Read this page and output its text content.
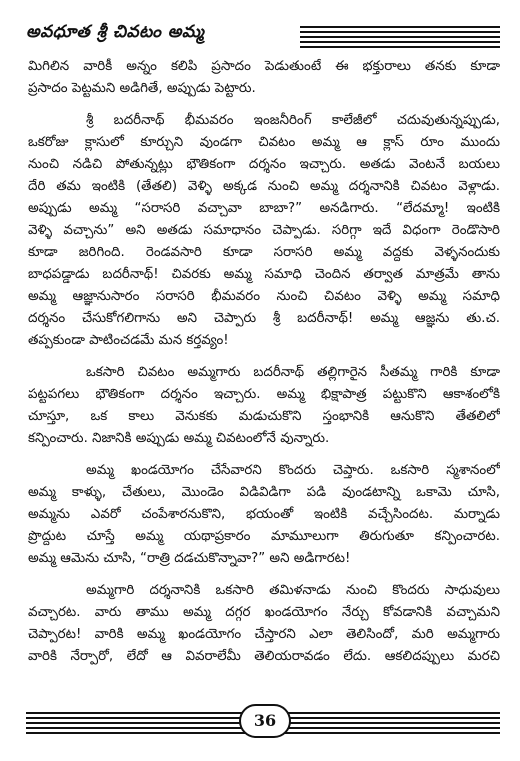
అవధూత శ్రీ చివటం అమ్మ
మిగిలిన వారికీ అన్నం కలిపి ప్రసాదం పెడుతుంటే ఈ భక్తురాలు తనకు కూడా
ప్రసాదం పెట్టమని అడిగితే, అప్పుడు పెట్టారు.
శ్రీ బదరీనాథ్ భీమవరం ఇంజనీరింగ్ కాలేజీలో చదువుతున్నప్పుడు,
ఒకరోజు క్లాసులో కూర్చుని వుండగా చివటం అమ్మ ఆ క్లాస్ రూం ముందు
నుంచి నడిచి పోతున్నట్లు భౌతికంగా దర్శనం ఇచ్చారు. అతడు వెంటనే బయలు
దేరి తమ ఇంటికి (తేతలి) వెళ్ళి అక్కడ నుంచి అమ్మ దర్శనానికి చివటం వెళ్లాడు.
అప్పుడు అమ్మ “సరాసరి వచ్చావా బాబా?” అనడిగారు. “లేదమ్మా! ఇంటికి
వెళ్ళి వచ్చాను” అని అతడు సమాధానం చెప్పాడు. సరిగ్గా ఇదే విధంగా రెండొసారి
కూడా జరిగింది. రెండవసారి కూడా సరాసరి అమ్మ వద్దకు వెళ్ళనందుకు
బాధపడ్డాడు బదరీనాథ్! చివరకు అమ్మ సమాధి చెందిన తర్వాత మాత్రమే తాను
అమ్మ ఆజ్ఞానుసారం సరాసరి భీమవరం నుంచి చివటం వెళ్ళి అమ్మ సమాధి
దర్శనం చేసుకోగలిగాను అని చెప్పారు శ్రీ బదరీనాథ్! అమ్మ ఆజ్ఞను తు.చ.
తప్పకుండా పాటించడమే మన కర్తవ్యం!
ఒకసారి చివటం అమ్మగారు బదరీనాథ్ తల్లిగారైన సీతమ్మ గారికి కూడా
పట్టపగలు భౌతికంగా దర్శనం ఇచ్చారు. అమ్మ భిక్షాపాత్ర పట్టుకొని ఆకాశంలోకి
చూస్తూ, ఒక కాలు వెనుకకు మడుచుకొని స్తంభానికి ఆనుకొని తేతలిలో
కన్పించారు. నిజానికి అప్పుడు అమ్మ చివటంలోనే వున్నారు.
అమ్మ ఖండయోగం చేసేవారని కొందరు చెప్తారు. ఒకసారి స్మశానంలో
అమ్మ కాళ్ళు, చేతులు, మొండెం విడివిడిగా పడి వుండటాన్ని ఒకామె చూసి,
అమ్మను ఎవరో చంపేశారనుకొని, భయంతో ఇంటికి వచ్చేసిందట. మర్నాడు
ప్రొద్దుట చూస్తే అమ్మ యథాప్రకారం మామూలుగా తిరుగుతూ కన్పించారట.
అమ్మ ఆమెను చూసి, “రాత్రి దడచుకొన్నావా?” అని అడిగారట!
అమ్మగారి దర్శనానికి ఒకసారి తమిళనాడు నుంచి కొందరు సాధువులు
వచ్చారట. వారు తాము అమ్మ దగ్గర ఖండయోగం నేర్చు కోవడానికి వచ్చామని
చెప్పారట! వారికి అమ్మ ఖండయోగం చేస్తారని ఎలా తెలిసిందో, మరి అమ్మగారు
వారికి నేర్పారో, లేదో ఆ వివరాలేమీ తెలియరావడం లేదు. ఆకలిదప్పులు మరచి
36
